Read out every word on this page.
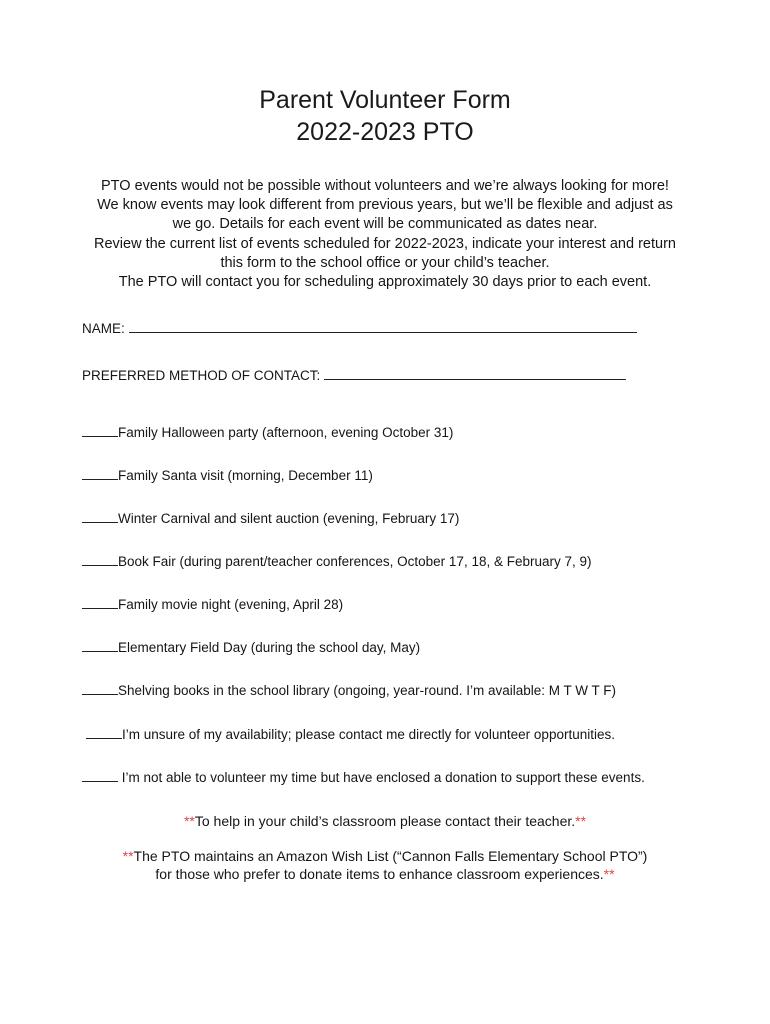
Parent Volunteer Form
2022-2023 PTO
PTO events would not be possible without volunteers and we’re always looking for more!
We know events may look different from previous years, but we’ll be flexible and adjust as
we go. Details for each event will be communicated as dates near.
Review the current list of events scheduled for 2022-2023, indicate your interest and return
this form to the school office or your child’s teacher.
The PTO will contact you for scheduling approximately 30 days prior to each event.
NAME:
PREFERRED METHOD OF CONTACT:
Family Halloween party (afternoon, evening October 31)
Family Santa visit (morning, December 11)
Winter Carnival and silent auction (evening, February 17)
Book Fair (during parent/teacher conferences, October 17, 18, & February 7, 9)
Family movie night (evening, April 28)
Elementary Field Day (during the school day, May)
Shelving books in the school library (ongoing, year-round. I’m available: M T W T F)
I’m unsure of my availability; please contact me directly for volunteer opportunities.
I’m not able to volunteer my time but have enclosed a donation to support these events.
**To help in your child’s classroom please contact their teacher.**
**The PTO maintains an Amazon Wish List (“Cannon Falls Elementary School PTO”)
for those who prefer to donate items to enhance classroom experiences.**
